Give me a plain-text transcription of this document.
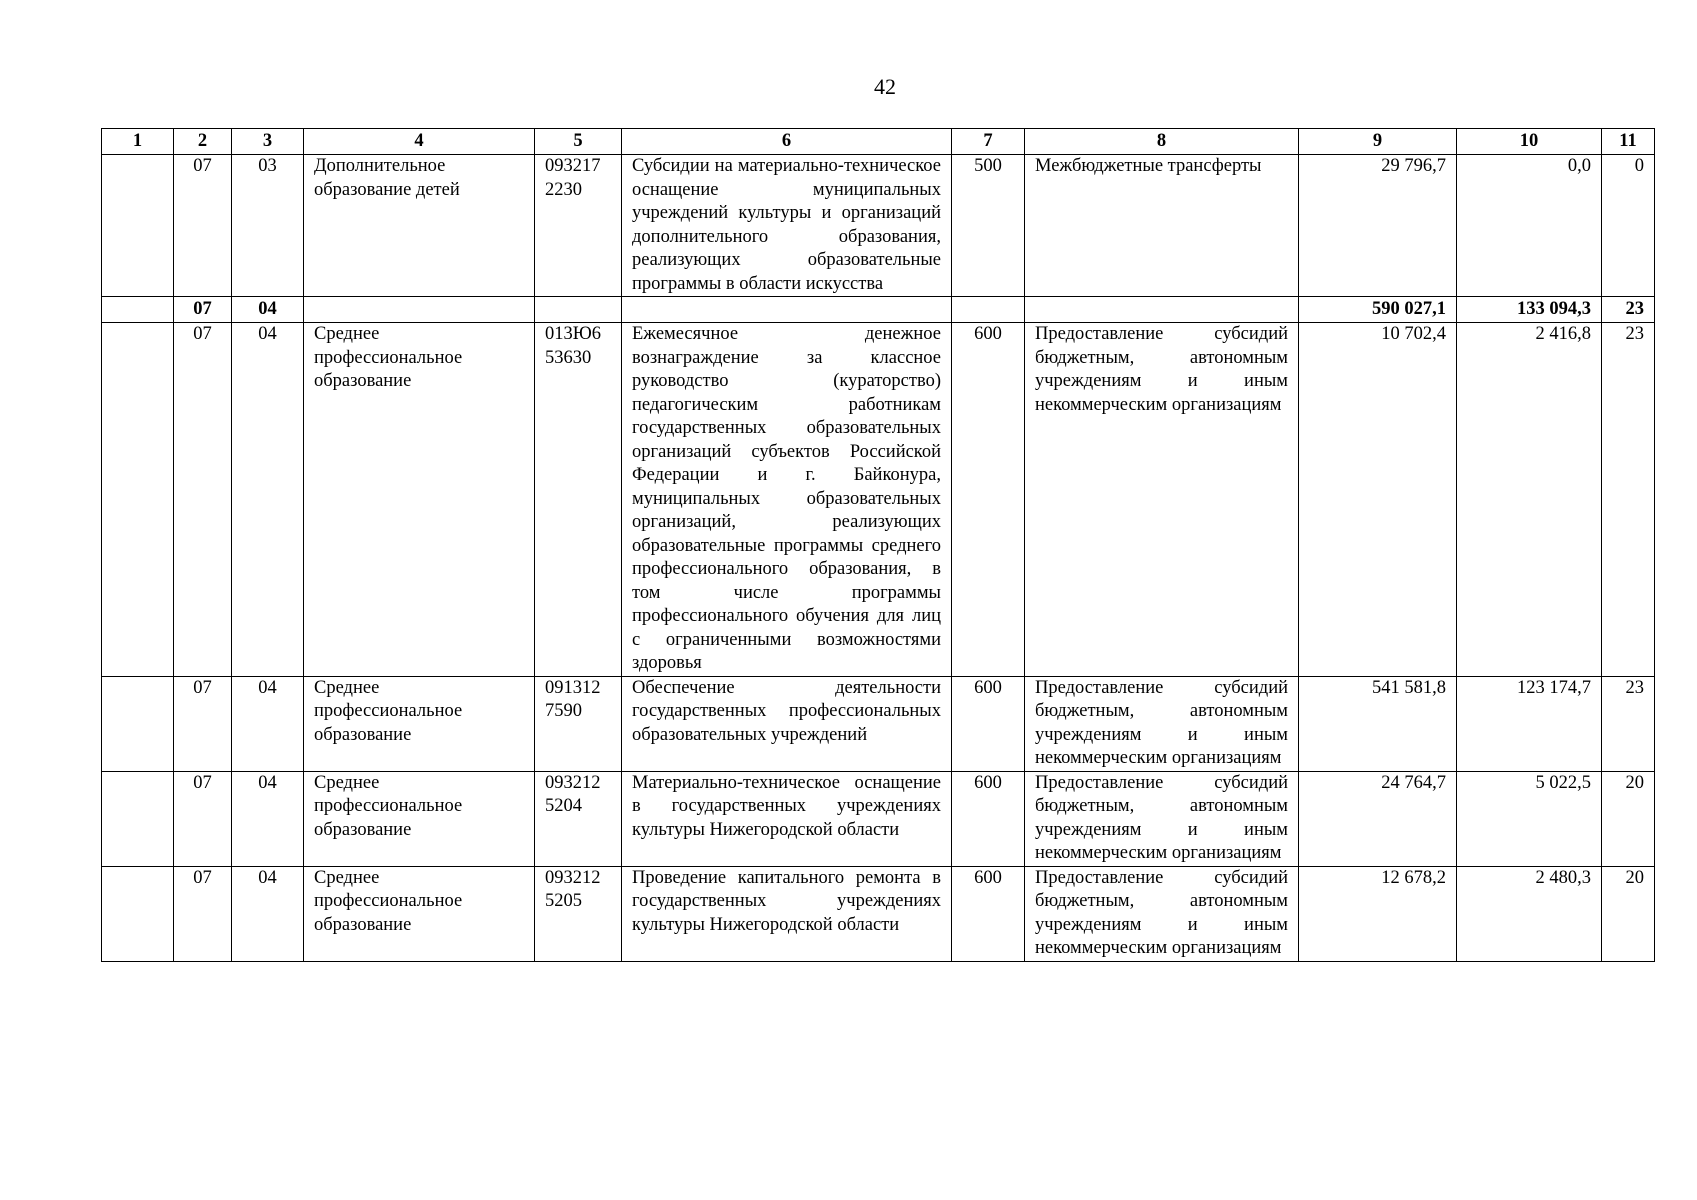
42
1	2	3	4	5	6	7	8	9	10	11
	07	03	Дополнительное образование детей	093217 2230	Субсидии на материально-техническое оснащение муниципальных учреждений культуры и организаций дополнительного образования, реализующих образовательные программы в области искусства	500	Межбюджетные трансферты	29 796,7	0,0	0
	07	04						590 027,1	133 094,3	23
	07	04	Среднее профессиональное образование	013Ю6 53630	Ежемесячное денежное вознаграждение за классное руководство (кураторство) педагогическим работникам государственных образовательных организаций субъектов Российской Федерации и г. Байконура, муниципальных образовательных организаций, реализующих образовательные программы среднего профессионального образования, в том числе программы профессионального обучения для лиц с ограниченными возможностями здоровья	600	Предоставление субсидий бюджетным, автономным учреждениям и иным некоммерческим организациям	10 702,4	2 416,8	23
	07	04	Среднее профессиональное образование	091312 7590	Обеспечение деятельности государственных профессиональных образовательных учреждений	600	Предоставление субсидий бюджетным, автономным учреждениям и иным некоммерческим организациям	541 581,8	123 174,7	23
	07	04	Среднее профессиональное образование	093212 5204	Материально-техническое оснащение в государственных учреждениях культуры Нижегородской области	600	Предоставление субсидий бюджетным, автономным учреждениям и иным некоммерческим организациям	24 764,7	5 022,5	20
	07	04	Среднее профессиональное образование	093212 5205	Проведение капитального ремонта в государственных учреждениях культуры Нижегородской области	600	Предоставление субсидий бюджетным, автономным учреждениям и иным некоммерческим организациям	12 678,2	2 480,3	20
